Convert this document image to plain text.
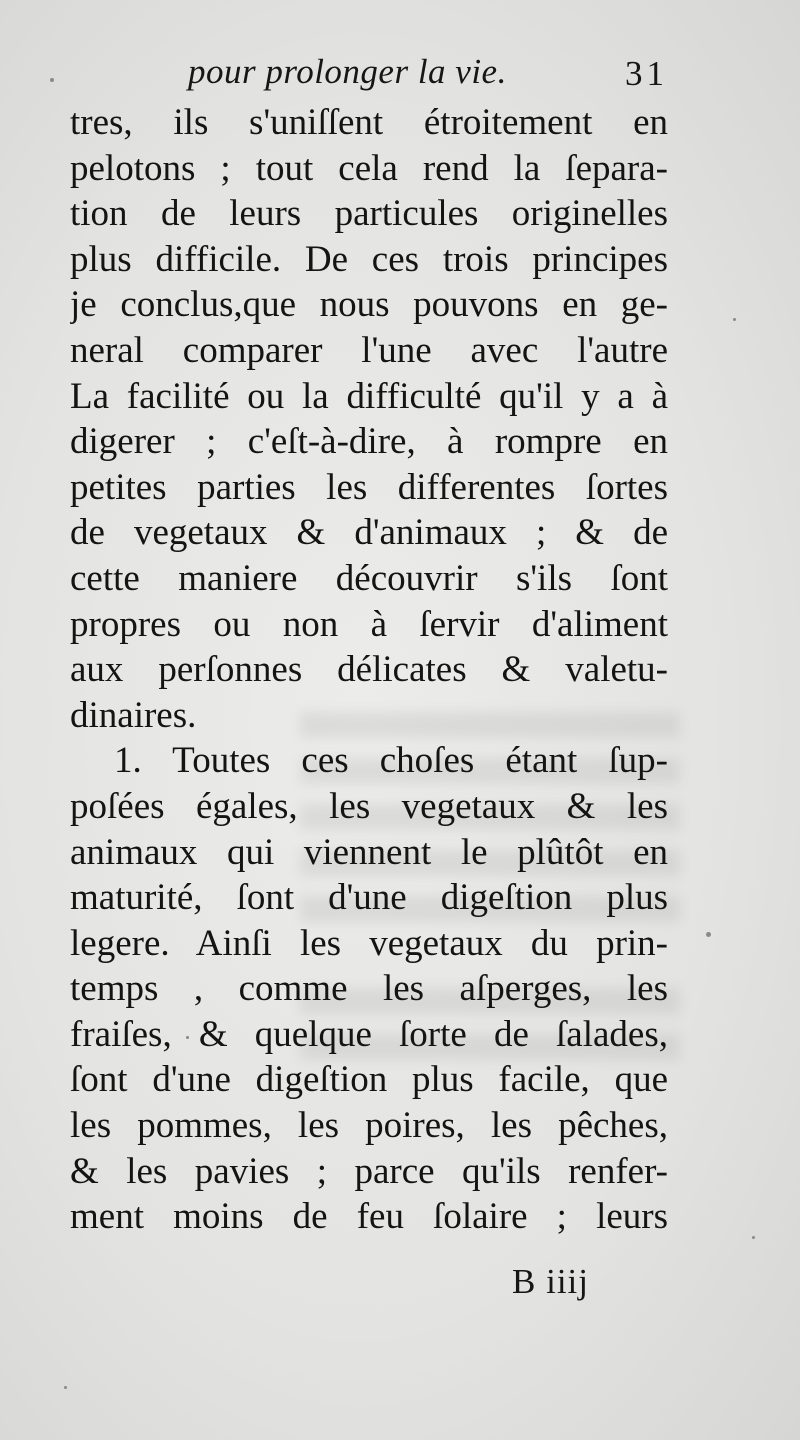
pour prolonger la vie.	31
tres, ils s'uniſſent étroitement en
pelotons ; tout cela rend la ſepara-
tion de leurs particules originelles
plus difficile. De ces trois principes
je conclus,que nous pouvons en ge-
neral comparer l'une avec l'autre
La facilité ou la difficulté qu'il y a à
digerer ; c'eſt-à-dire, à rompre en
petites parties les differentes ſortes
de vegetaux & d'animaux ; & de
cette maniere découvrir s'ils ſont
propres ou non à ſervir d'aliment
aux perſonnes délicates & valetu-
dinaires.
1. Toutes ces choſes étant ſup-
poſées égales, les vegetaux & les
animaux qui viennent le plûtôt en
maturité, ſont d'une digeſtion plus
legere. Ainſi les vegetaux du prin-
temps , comme les aſperges, les
fraiſes, & quelque ſorte de ſalades,
ſont d'une digeſtion plus facile, que
les pommes, les poires, les pêches,
& les pavies ; parce qu'ils renfer-
ment moins de feu ſolaire ; leurs
B iiij
